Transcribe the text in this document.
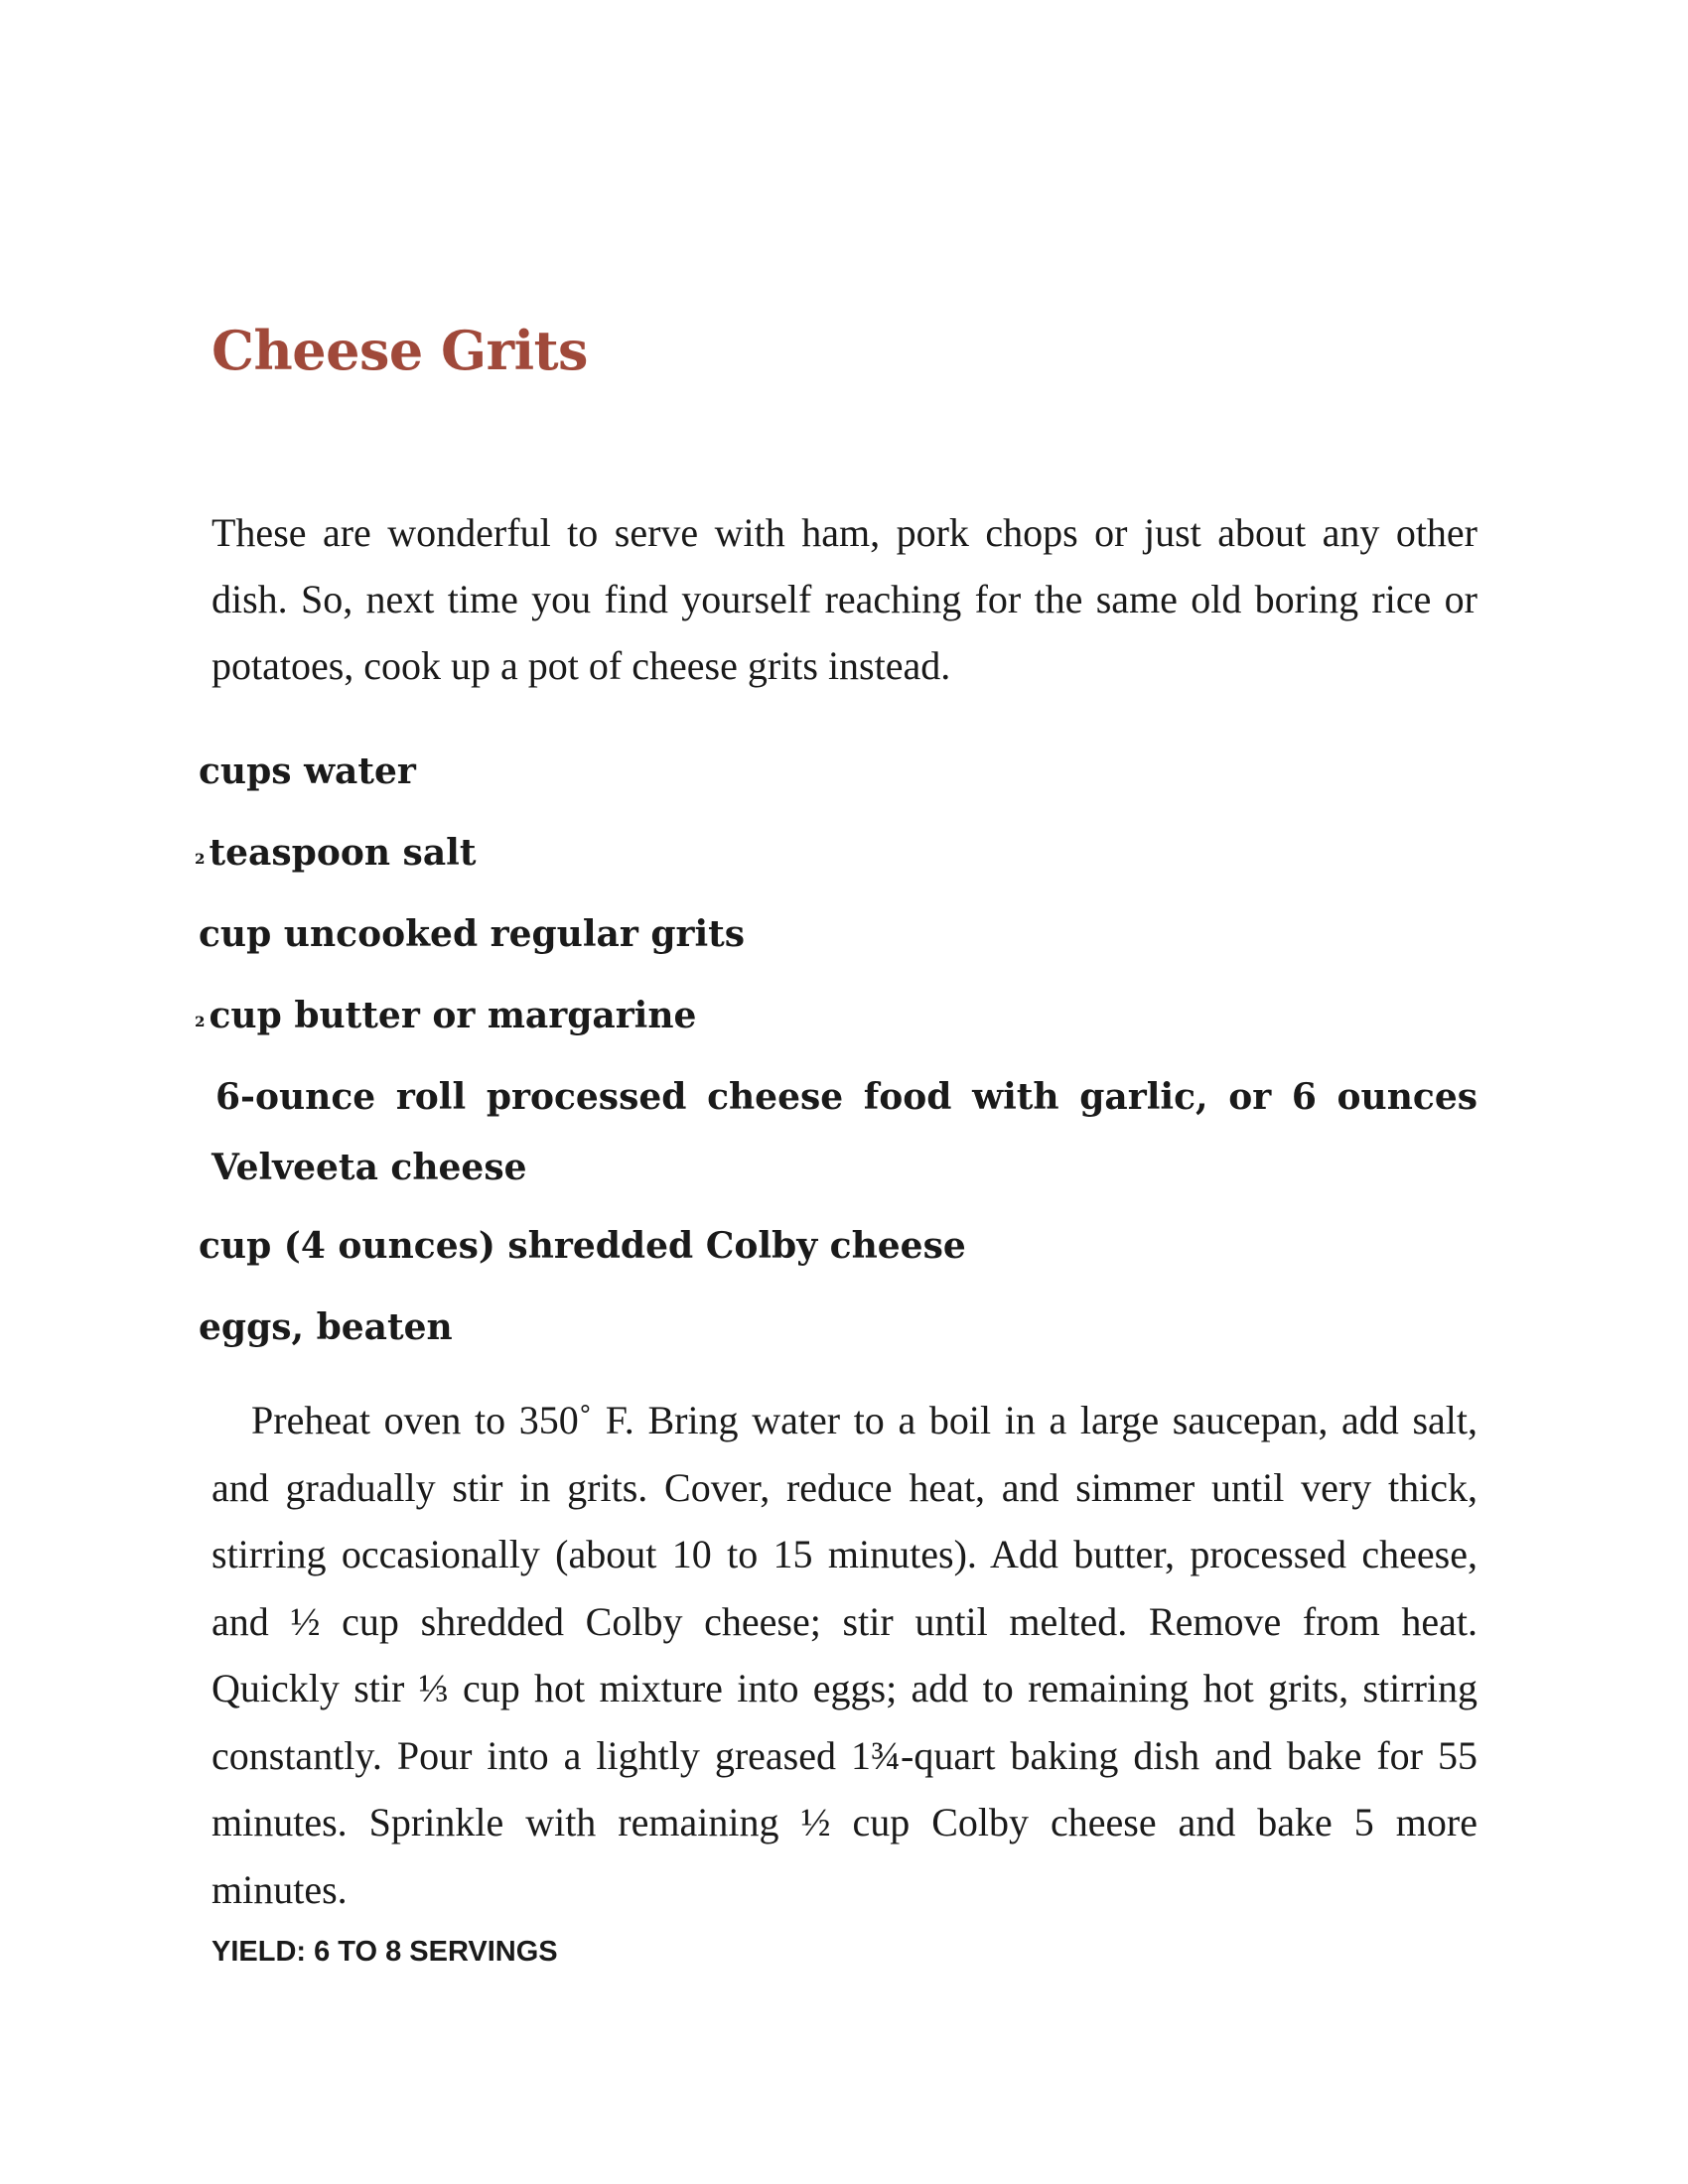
Cheese Grits

These are wonderful to serve with ham, pork chops or just about any other dish. So, next time you find yourself reaching for the same old boring rice or potatoes, cook up a pot of cheese grits instead.

cups water
₂ teaspoon salt
cup uncooked regular grits
₂ cup butter or margarine
6-ounce roll processed cheese food with garlic, or 6 ounces Velveeta cheese
cup (4 ounces) shredded Colby cheese
eggs, beaten

Preheat oven to 350˚ F. Bring water to a boil in a large saucepan, add salt, and gradually stir in grits. Cover, reduce heat, and simmer until very thick, stirring occasionally (about 10 to 15 minutes). Add butter, processed cheese, and ½ cup shredded Colby cheese; stir until melted. Remove from heat. Quickly stir ⅓ cup hot mixture into eggs; add to remaining hot grits, stirring constantly. Pour into a lightly greased 1¾-quart baking dish and bake for 55 minutes. Sprinkle with remaining ½ cup Colby cheese and bake 5 more minutes.

YIELD: 6 TO 8 SERVINGS
